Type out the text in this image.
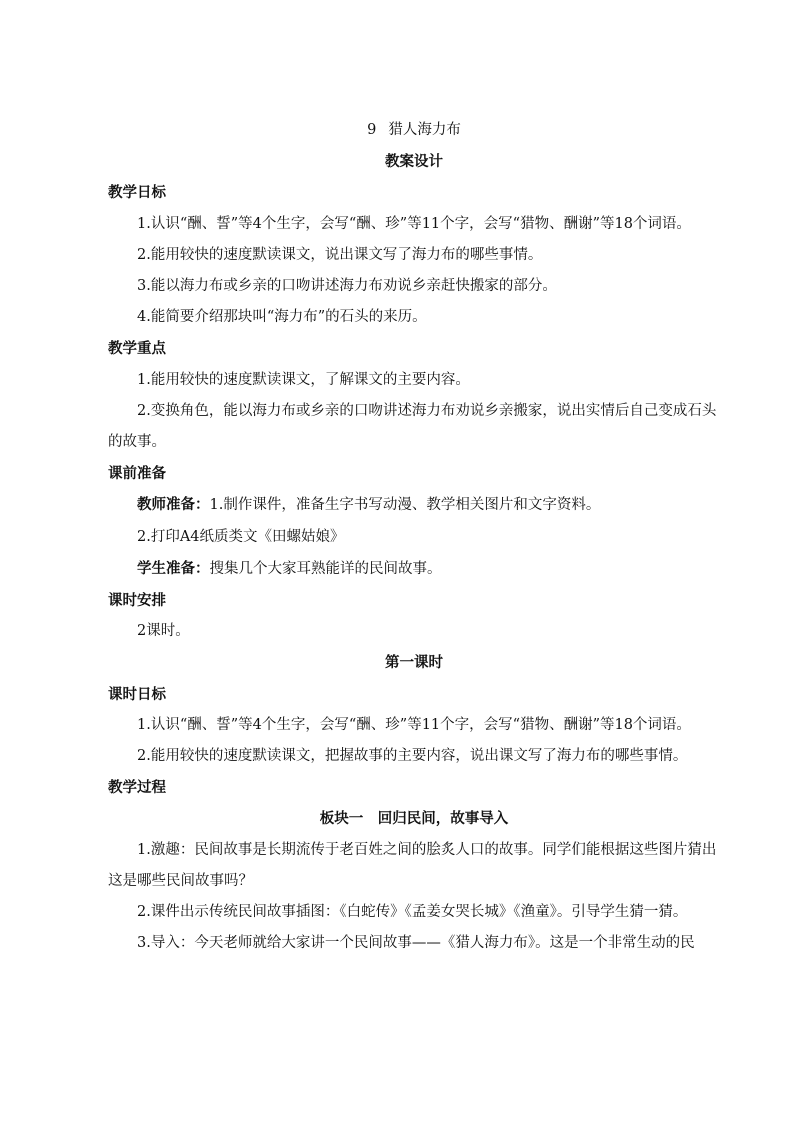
9 猎人海力布
教案设计
教学日标
1.认识“酬、誓”等4个生字，会写“酬、珍”等11个字，会写“猎物、酬谢”等18个词语。
2.能用较快的速度默读课文，说出课文写了海力布的哪些事情。
3.能以海力布或乡亲的口吻讲述海力布劝说乡亲赶快搬家的部分。
4.能简要介绍那块叫“海力布”的石头的来历。
教学重点
1.能用较快的速度默读课文，了解课文的主要内容。
2.变换角色，能以海力布或乡亲的口吻讲述海力布劝说乡亲搬家，说出实情后自己变成石头的故事。
课前准备
教师准备：1.制作课件，准备生字书写动漫、教学相关图片和文字资料。
2.打印A4纸质类文《田螺姑娘》
学生准备：搜集几个大家耳熟能详的民间故事。
课时安排
2课时。
第一课时
课时日标
1.认识“酬、誓”等4个生字，会写“酬、珍”等11个字，会写“猎物、酬谢”等18个词语。
2.能用较快的速度默读课文，把握故事的主要内容，说出课文写了海力布的哪些事情。
教学过程
板块一　回归民间，故事导入
1.激趣：民间故事是长期流传于老百姓之间的脍炙人口的故事。同学们能根据这些图片猜出这是哪些民间故事吗？
2.课件出示传统民间故事插图：《白蛇传》《孟姜女哭长城》《渔童》。引导学生猜一猜。
3.导入：今天老师就给大家讲一个民间故事——《猎人海力布》。这是一个非常生动的民
